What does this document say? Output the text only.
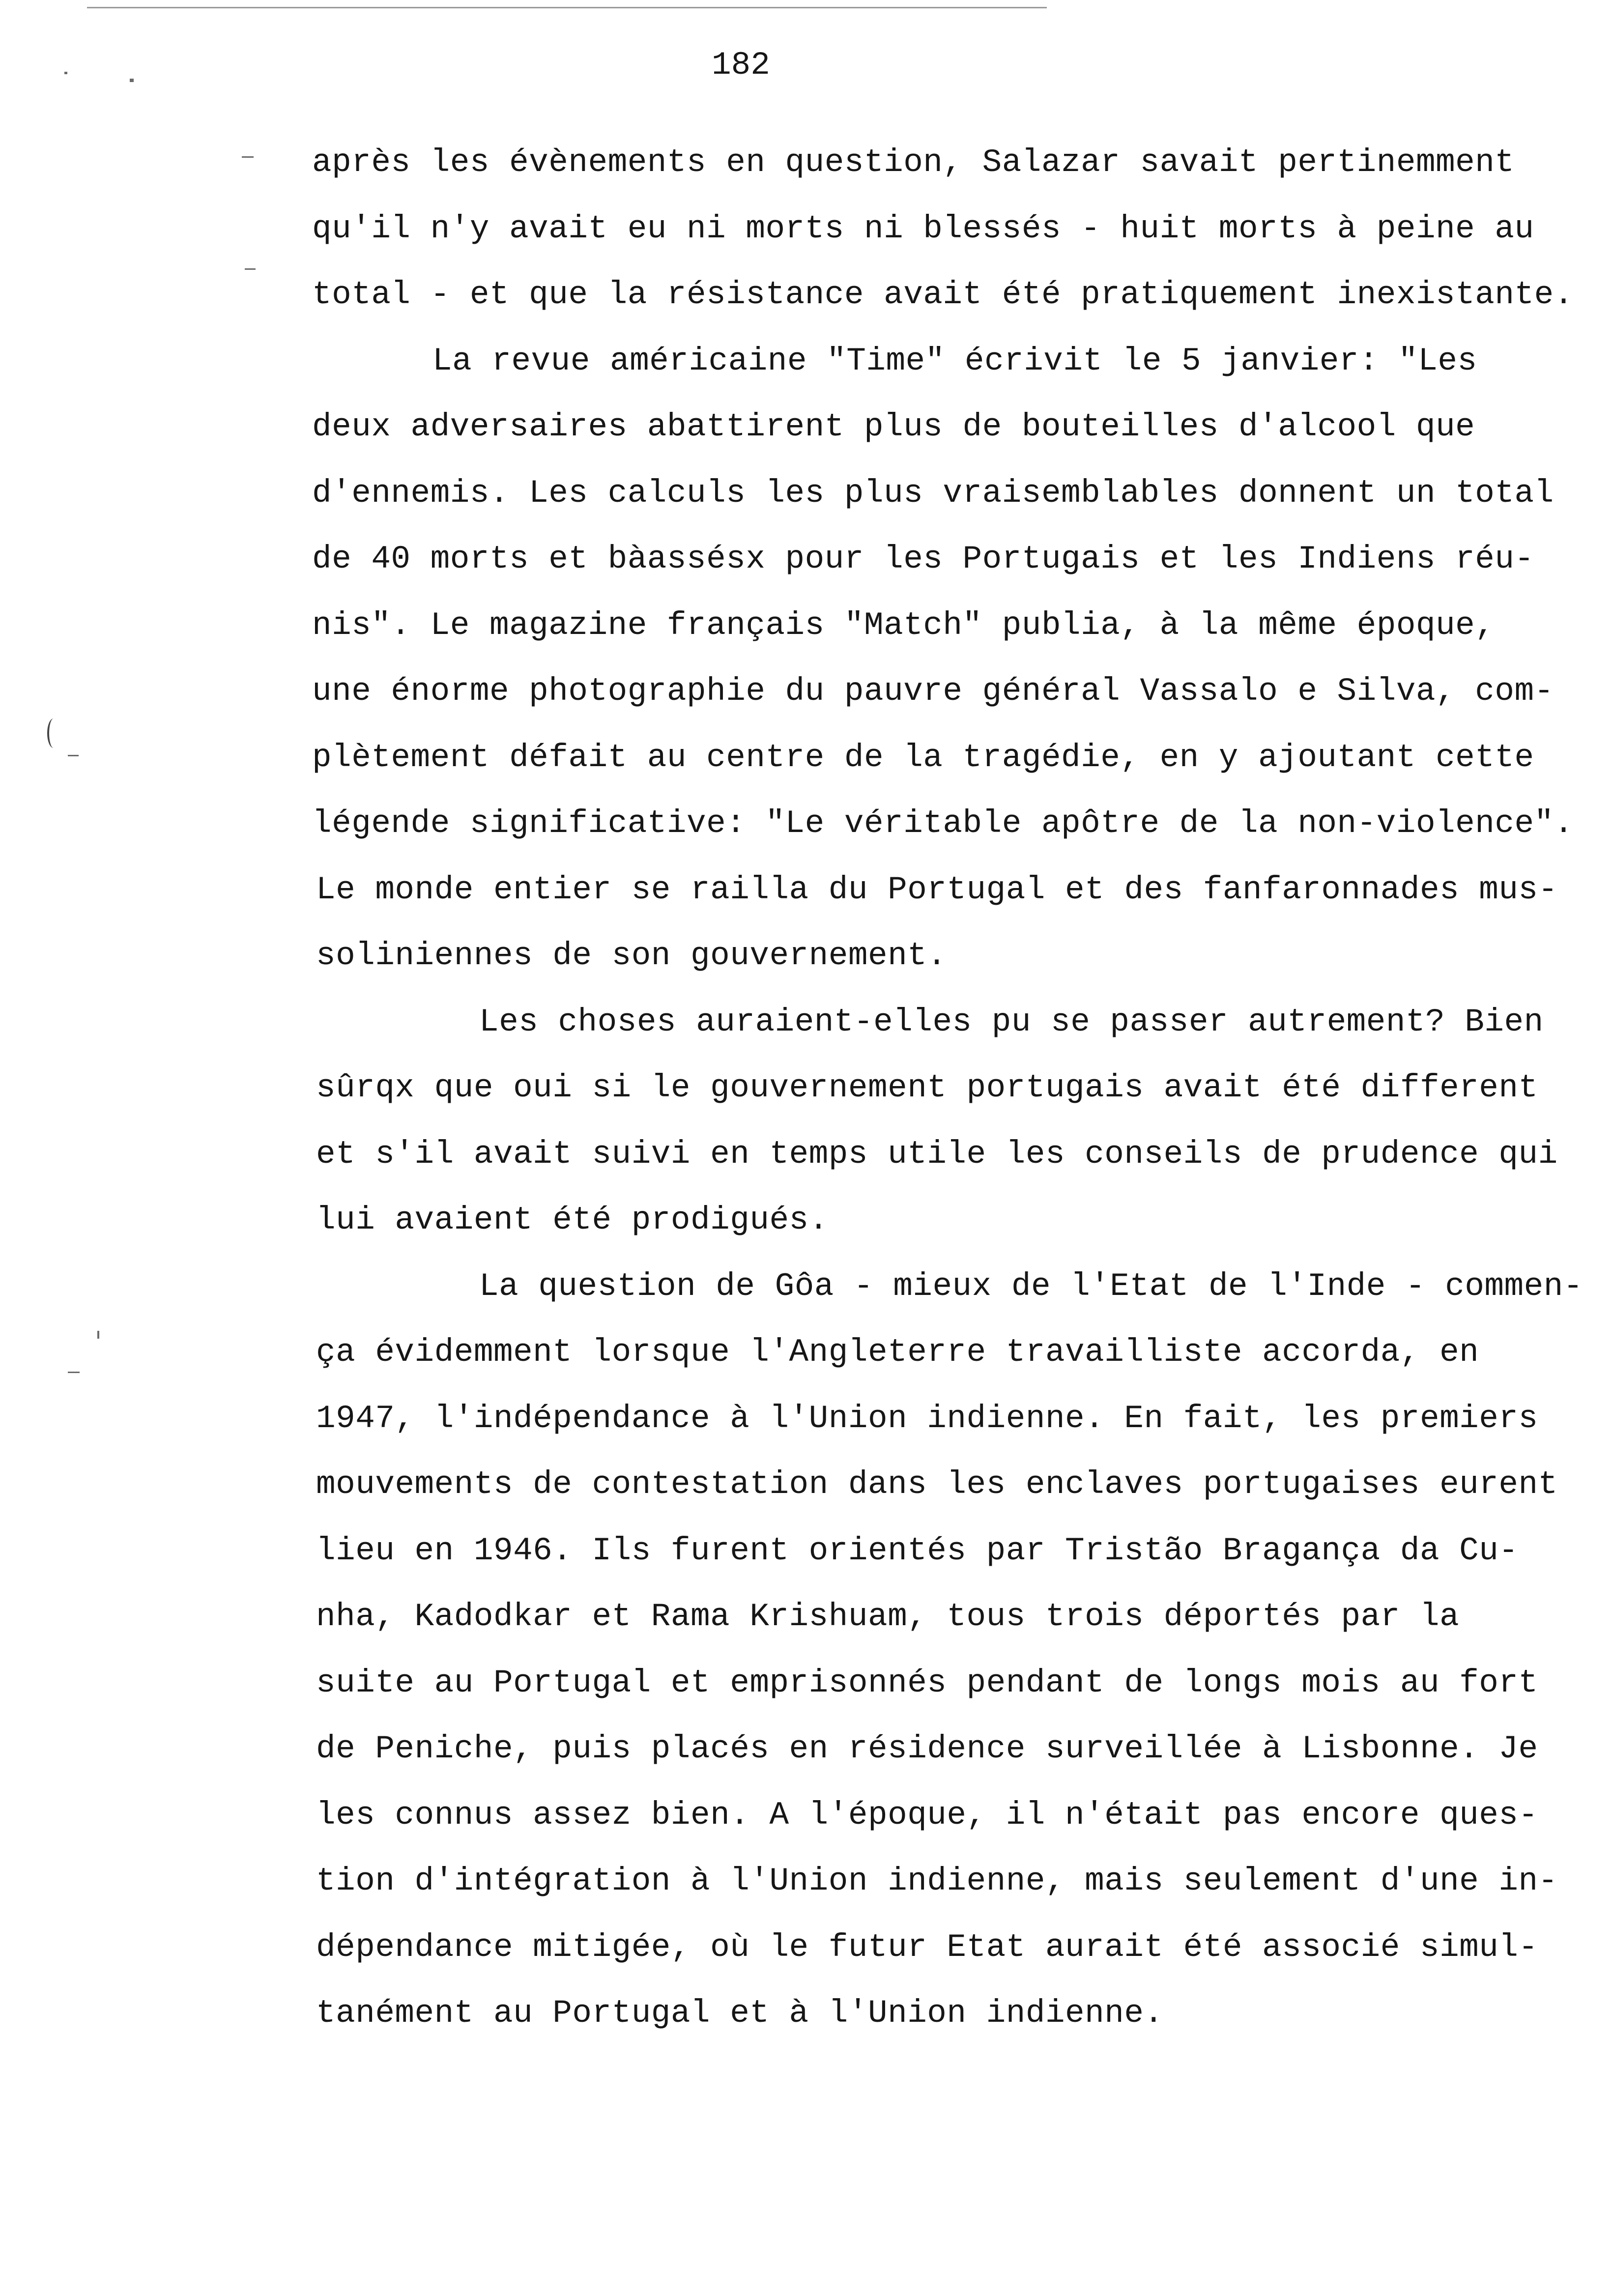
182
après les évènements en question, Salazar savait pertinemment
qu'il n'y avait eu ni morts ni blessés - huit morts à peine au
total - et que la résistance avait été pratiquement inexistante.
La revue américaine "Time" écrivit le 5 janvier: "Les
deux adversaires abattirent plus de bouteilles d'alcool que
d'ennemis. Les calculs les plus vraisemblables donnent un total
de 40 morts et bàassésx pour les Portugais et les Indiens réu-
nis". Le magazine français "Match" publia, à la même époque,
une énorme photographie du pauvre général Vassalo e Silva, com-
plètement défait au centre de la tragédie, en y ajoutant cette
légende significative: "Le véritable apôtre de la non-violence".
Le monde entier se railla du Portugal et des fanfaronnades mus-
soliniennes de son gouvernement.
Les choses auraient-elles pu se passer autrement? Bien
sûrqx que oui si le gouvernement portugais avait été different
et s'il avait suivi en temps utile les conseils de prudence qui
lui avaient été prodigués.
La question de Gôa - mieux de l'Etat de l'Inde - commen-
ça évidemment lorsque l'Angleterre travailliste accorda, en
1947, l'indépendance à l'Union indienne. En fait, les premiers
mouvements de contestation dans les enclaves portugaises eurent
lieu en 1946. Ils furent orientés par Tristão Bragança da Cu-
nha, Kadodkar et Rama Krishuam, tous trois déportés par la
suite au Portugal et emprisonnés pendant de longs mois au fort
de Peniche, puis placés en résidence surveillée à Lisbonne. Je
les connus assez bien. A l'époque, il n'était pas encore ques-
tion d'intégration à l'Union indienne, mais seulement d'une in-
dépendance mitigée, où le futur Etat aurait été associé simul-
tanément au Portugal et à l'Union indienne.
